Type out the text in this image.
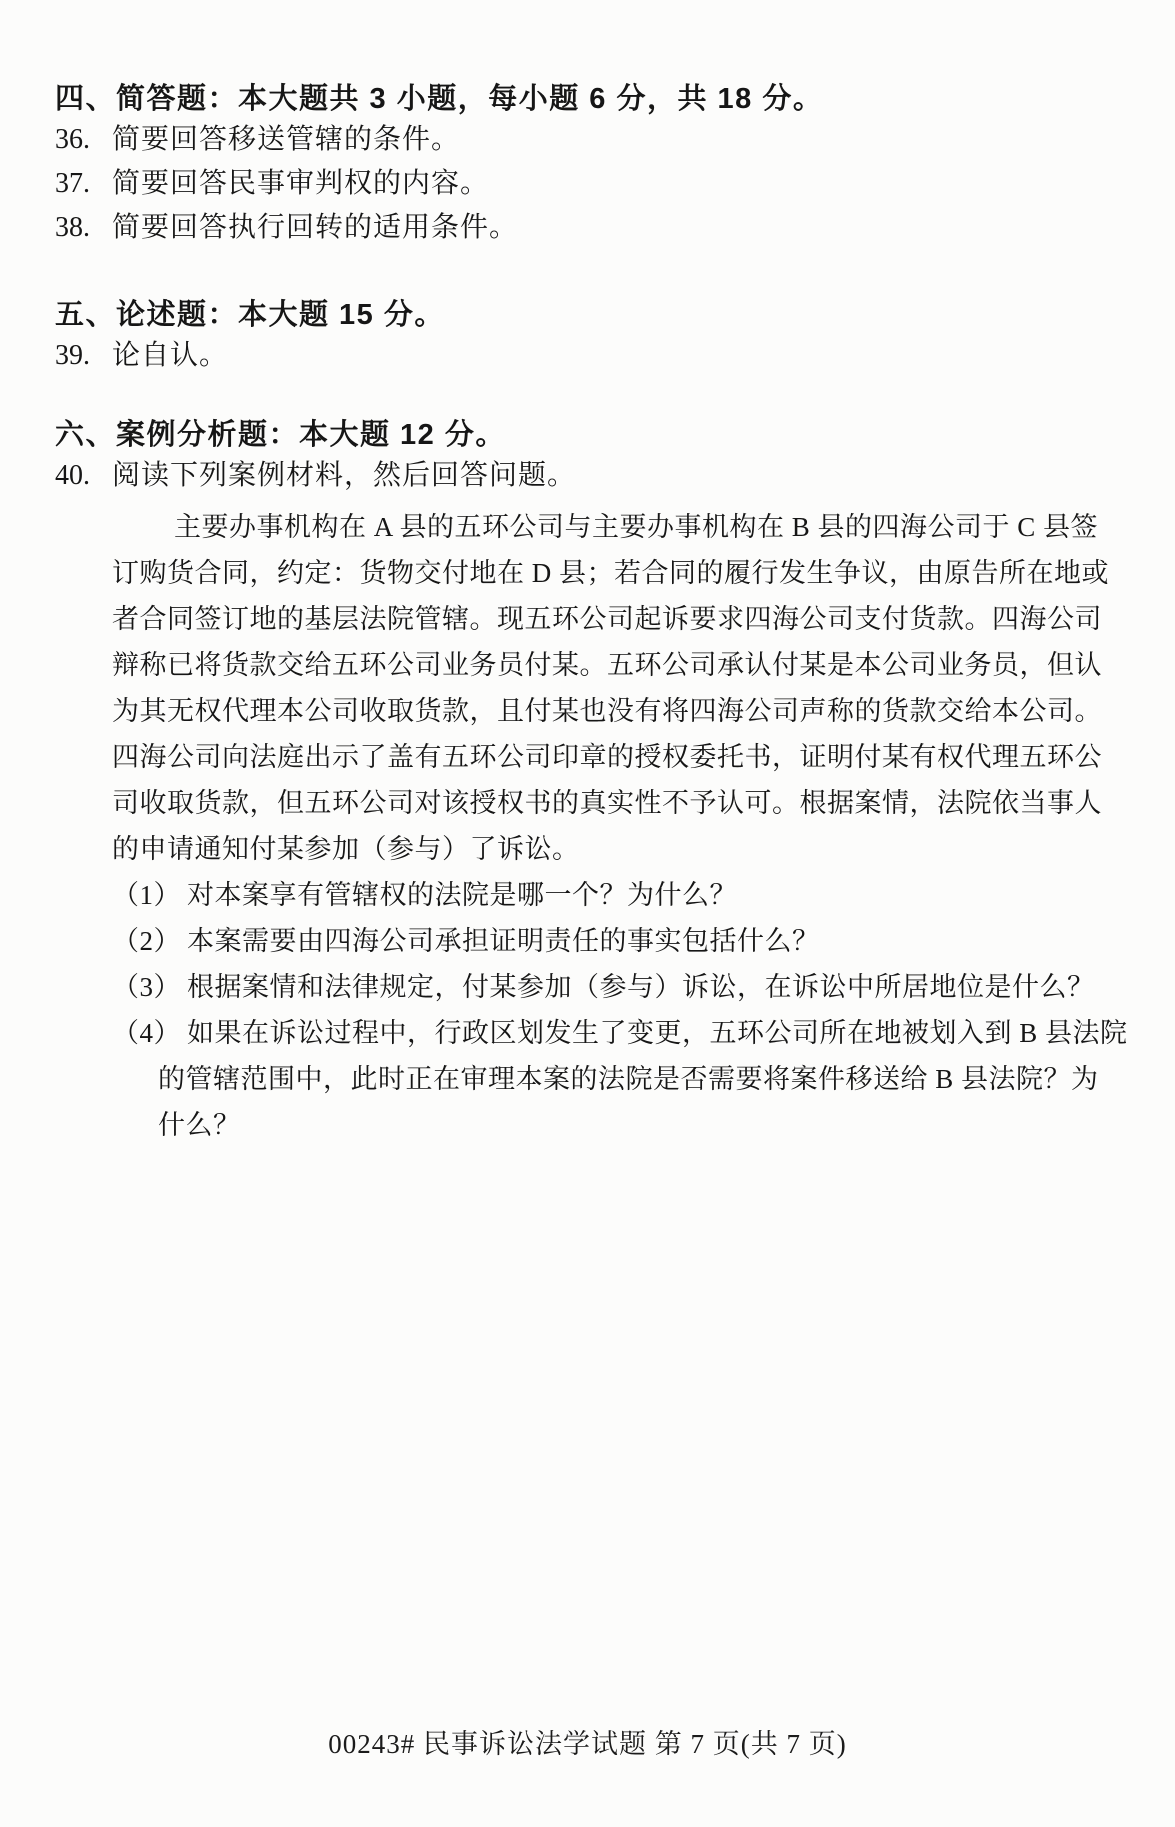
四、简答题：本大题共 3 小题，每小题 6 分，共 18 分。
36. 简要回答移送管辖的条件。
37. 简要回答民事审判权的内容。
38. 简要回答执行回转的适用条件。
五、论述题：本大题 15 分。
39. 论自认。
六、案例分析题：本大题 12 分。
40. 阅读下列案例材料，然后回答问题。
主要办事机构在 A 县的五环公司与主要办事机构在 B 县的四海公司于 C 县签
订购货合同，约定：货物交付地在 D 县；若合同的履行发生争议，由原告所在地或
者合同签订地的基层法院管辖。现五环公司起诉要求四海公司支付货款。四海公司
辩称已将货款交给五环公司业务员付某。五环公司承认付某是本公司业务员，但认
为其无权代理本公司收取货款，且付某也没有将四海公司声称的货款交给本公司。
四海公司向法庭出示了盖有五环公司印章的授权委托书，证明付某有权代理五环公
司收取货款，但五环公司对该授权书的真实性不予认可。根据案情，法院依当事人
的申请通知付某参加（参与）了诉讼。
（1） 对本案享有管辖权的法院是哪一个？为什么？
（2） 本案需要由四海公司承担证明责任的事实包括什么？
（3） 根据案情和法律规定，付某参加（参与）诉讼，在诉讼中所居地位是什么？
（4） 如果在诉讼过程中，行政区划发生了变更，五环公司所在地被划入到 B 县法院
的管辖范围中，此时正在审理本案的法院是否需要将案件移送给 B 县法院？为
什么？
00243# 民事诉讼法学试题 第 7 页(共 7 页)
